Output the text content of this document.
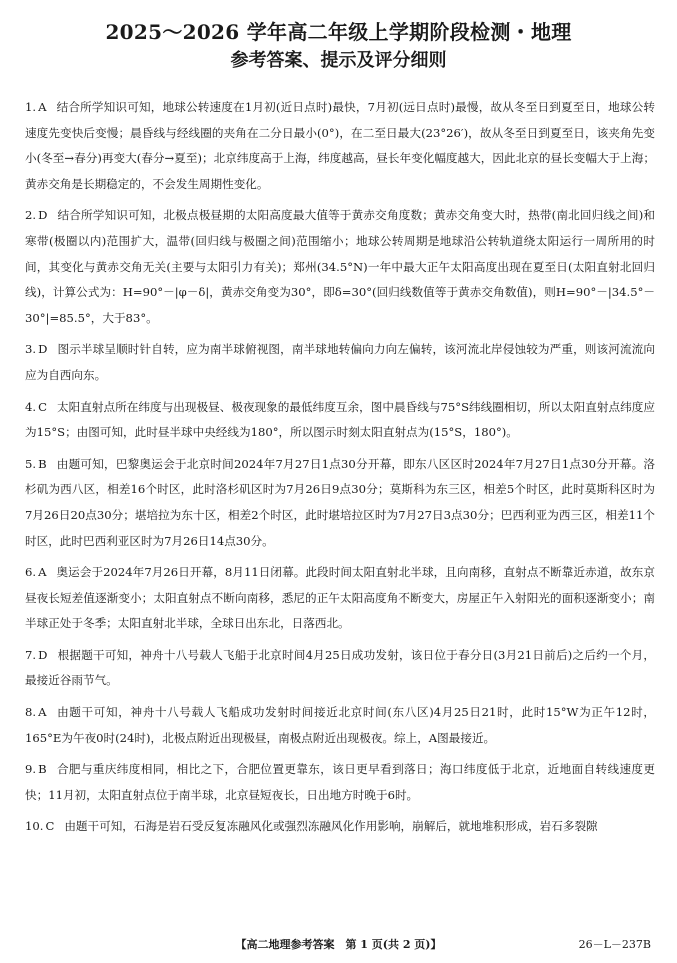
2025～2026 学年高二年级上学期阶段检测・地理
参考答案、提示及评分细则
1. A 结合所学知识可知，地球公转速度在1月初(近日点时)最快，7月初(远日点时)最慢，故从冬至日到夏至日，地球公转速度先变快后变慢；晨昏线与经线圈的夹角在二分日最小(0°)，在二至日最大(23°26′)，故从冬至日到夏至日，该夹角先变小(冬至→春分)再变大(春分→夏至)；北京纬度高于上海，纬度越高，昼长年变化幅度越大，因此北京的昼长变幅大于上海；黄赤交角是长期稳定的，不会发生周期性变化。
2. D 结合所学知识可知，北极点极昼期的太阳高度最大值等于黄赤交角度数；黄赤交角变大时，热带(南北回归线之间)和寒带(极圈以内)范围扩大，温带(回归线与极圈之间)范围缩小；地球公转周期是地球沿公转轨道绕太阳运行一周所用的时间，其变化与黄赤交角无关(主要与太阳引力有关)；郑州(34.5°N)一年中最大正午太阳高度出现在夏至日(太阳直射北回归线)，计算公式为：H=90°－|φ－δ|，黄赤交角变为30°，即δ=30°(回归线数值等于黄赤交角数值)，则H=90°－|34.5°－30°|=85.5°，大于83°。
3. D 图示半球呈顺时针自转，应为南半球俯视图，南半球地转偏向力向左偏转，该河流北岸侵蚀较为严重，则该河流流向应为自西向东。
4. C 太阳直射点所在纬度与出现极昼、极夜现象的最低纬度互余，图中晨昏线与75°S纬线圈相切，所以太阳直射点纬度应为15°S；由图可知，此时昼半球中央经线为180°，所以图示时刻太阳直射点为(15°S，180°)。
5. B 由题可知，巴黎奥运会于北京时间2024年7月27日1点30分开幕，即东八区区时2024年7月27日1点30分开幕。洛杉矶为西八区，相差16个时区，此时洛杉矶区时为7月26日9点30分；莫斯科为东三区，相差5个时区，此时莫斯科区时为7月26日20点30分；堪培拉为东十区，相差2个时区，此时堪培拉区时为7月27日3点30分；巴西利亚为西三区，相差11个时区，此时巴西利亚区时为7月26日14点30分。
6. A 奥运会于2024年7月26日开幕，8月11日闭幕。此段时间太阳直射北半球，且向南移，直射点不断靠近赤道，故东京昼夜长短差值逐渐变小；太阳直射点不断向南移，悉尼的正午太阳高度角不断变大，房屋正午入射阳光的面积逐渐变小；南半球正处于冬季；太阳直射北半球，全球日出东北，日落西北。
7. D 根据题干可知，神舟十八号载人飞船于北京时间4月25日成功发射，该日位于春分日(3月21日前后)之后约一个月，最接近谷雨节气。
8. A 由题干可知，神舟十八号载人飞船成功发射时间接近北京时间(东八区)4月25日21时，此时15°W为正午12时，165°E为午夜0时(24时)，北极点附近出现极昼，南极点附近出现极夜。综上，A图最接近。
9. B 合肥与重庆纬度相同，相比之下，合肥位置更靠东，该日更早看到落日；海口纬度低于北京，近地面自转线速度更快；11月初，太阳直射点位于南半球，北京昼短夜长，日出地方时晚于6时。
10. C 由题干可知，石海是岩石受反复冻融风化或强烈冻融风化作用影响，崩解后，就地堆积形成，岩石多裂隙
【高二地理参考答案　第 1 页(共 2 页)】	26－L－237B
